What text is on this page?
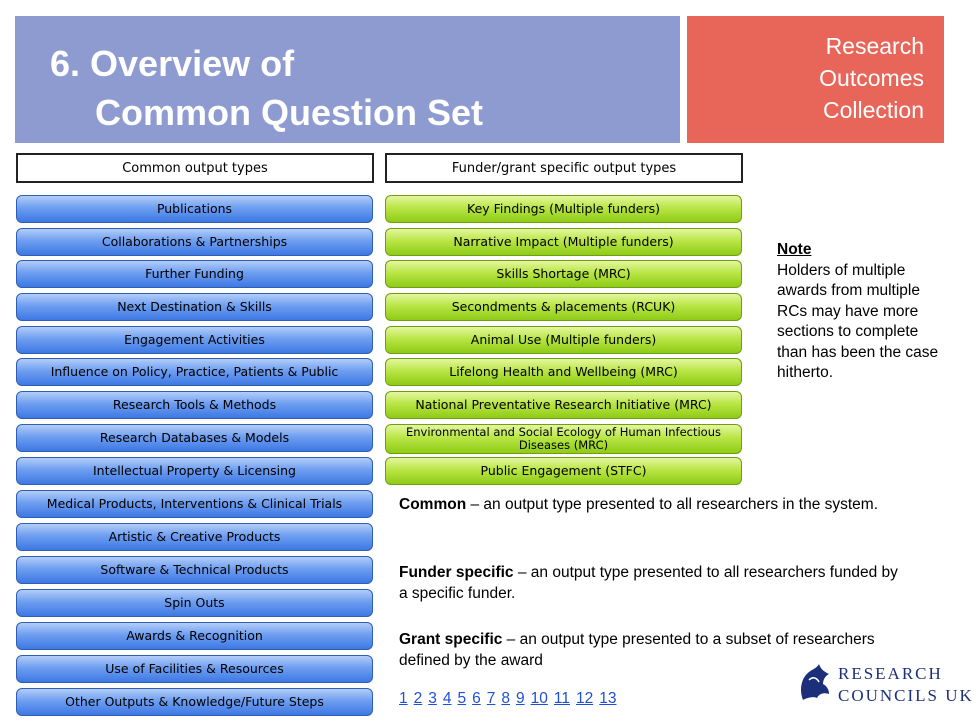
6. Overview of
Common Question Set
Research
Outcomes
Collection
Common output types	Funder/grant specific output types
Publications
Collaborations & Partnerships
Further Funding
Next Destination & Skills
Engagement Activities
Influence on Policy, Practice, Patients & Public
Research Tools & Methods
Research Databases & Models
Intellectual Property & Licensing
Medical Products, Interventions & Clinical Trials
Artistic & Creative Products
Software & Technical Products
Spin Outs
Awards & Recognition
Use of Facilities & Resources
Other Outputs & Knowledge/Future Steps
Key Findings (Multiple funders)
Narrative Impact (Multiple funders)
Skills Shortage (MRC)
Secondments & placements (RCUK)
Animal Use (Multiple funders)
Lifelong Health and Wellbeing (MRC)
National Preventative Research Initiative (MRC)
Environmental and Social Ecology of Human Infectious Diseases (MRC)
Public Engagement (STFC)
Note
Holders of multiple awards from multiple RCs may have more sections to complete than has been the case hitherto.
Common – an output type presented to all researchers in the system.
Funder specific – an output type presented to all researchers funded by a specific funder.
Grant specific – an output type presented to a subset of researchers defined by the award
1 2 3 4 5 6 7 8 9 10 11 12 13
RESEARCH
COUNCILS UK
